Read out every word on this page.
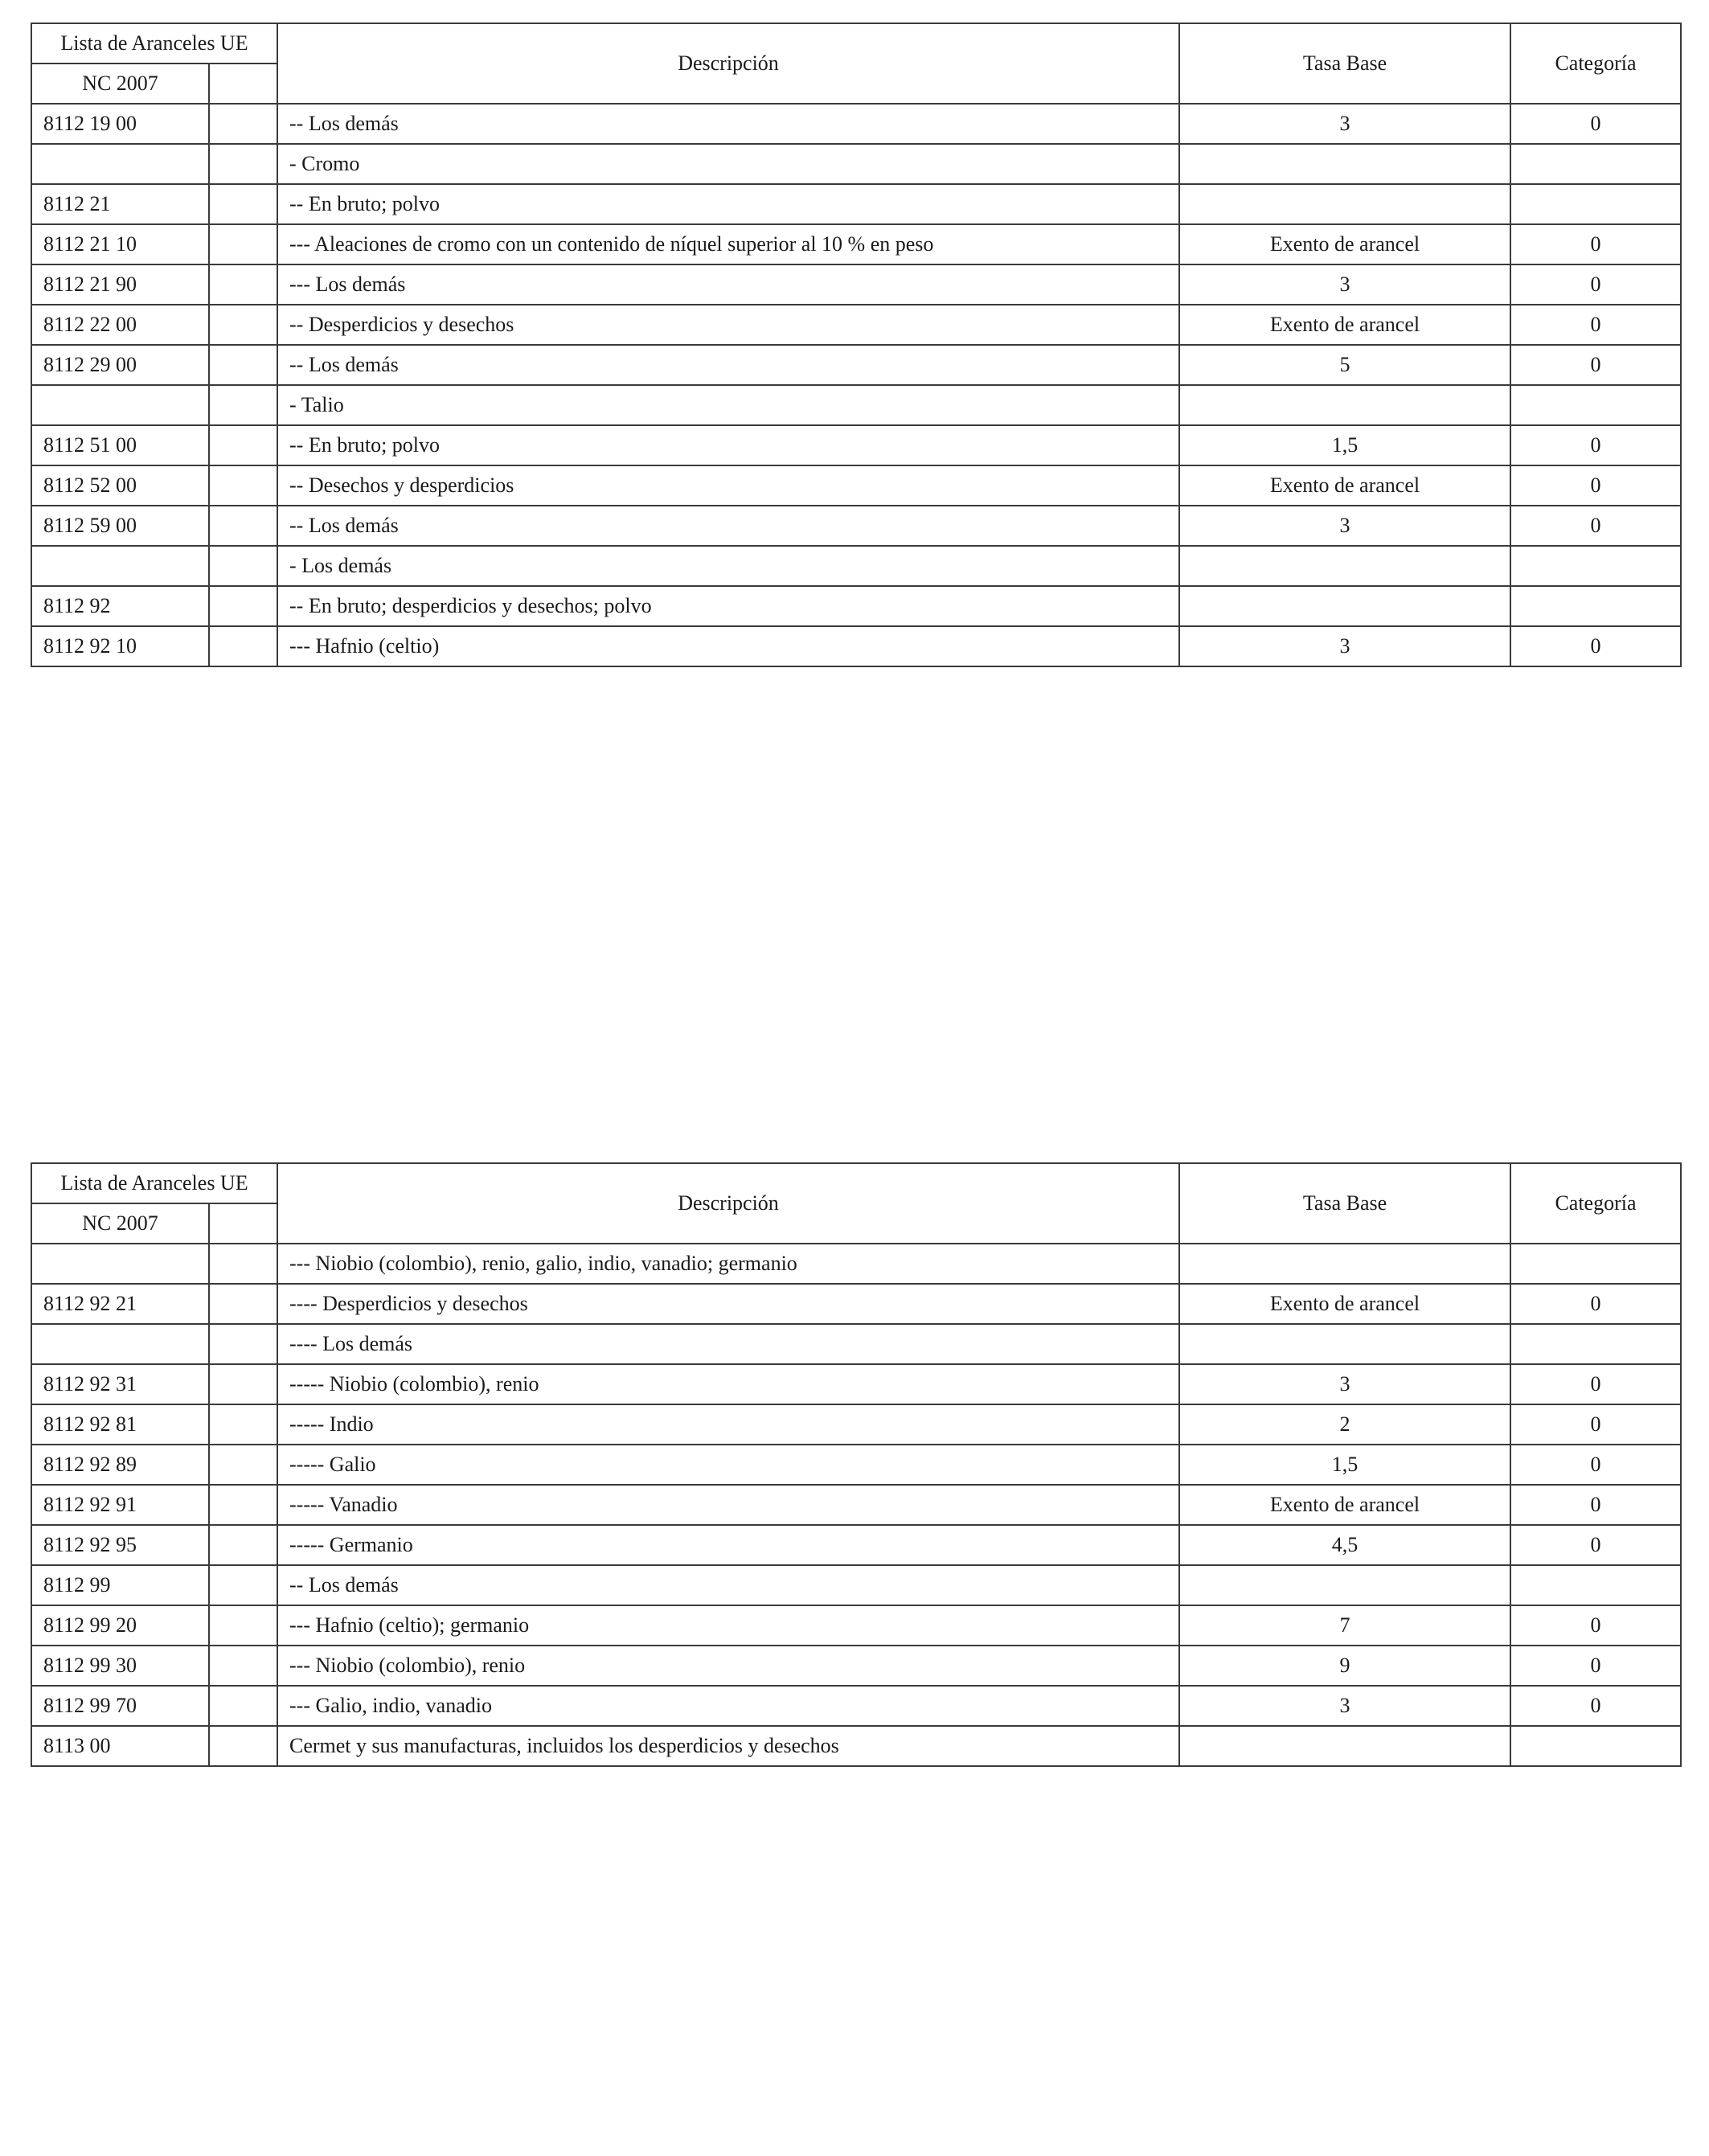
Lista de Aranceles UE		Descripción	Tasa Base	Categoría
NC 2007				
8112 19 00		-- Los demás	3	0
		- Cromo		
8112 21		-- En bruto; polvo		
8112 21 10		--- Aleaciones de cromo con un contenido de níquel superior al 10 % en peso	Exento de arancel	0
8112 21 90		--- Los demás	3	0
8112 22 00		-- Desperdicios y desechos	Exento de arancel	0
8112 29 00		-- Los demás	5	0
		- Talio		
8112 51 00		-- En bruto; polvo	1,5	0
8112 52 00		-- Desechos y desperdicios	Exento de arancel	0
8112 59 00		-- Los demás	3	0
		- Los demás		
8112 92		-- En bruto; desperdicios y desechos; polvo		
8112 92 10		--- Hafnio (celtio)	3	0
Lista de Aranceles UE		Descripción	Tasa Base	Categoría
NC 2007				
		--- Niobio (colombio), renio, galio, indio, vanadio; germanio		
8112 92 21		---- Desperdicios y desechos	Exento de arancel	0
		---- Los demás		
8112 92 31		----- Niobio (colombio), renio	3	0
8112 92 81		----- Indio	2	0
8112 92 89		----- Galio	1,5	0
8112 92 91		----- Vanadio	Exento de arancel	0
8112 92 95		----- Germanio	4,5	0
8112 99		-- Los demás		
8112 99 20		--- Hafnio (celtio); germanio	7	0
8112 99 30		--- Niobio (colombio), renio	9	0
8112 99 70		--- Galio, indio, vanadio	3	0
8113 00		Cermet y sus manufacturas, incluidos los desperdicios y desechos		
